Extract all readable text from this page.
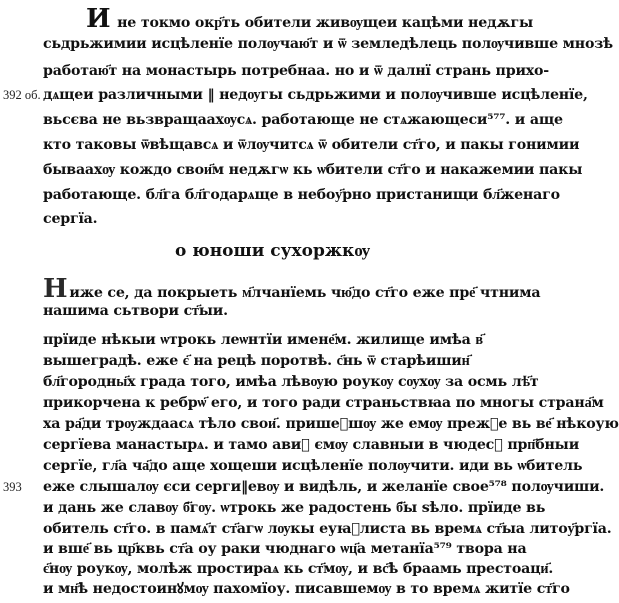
И не токмо окр҃ть обители живѹщеи кацѣми недѫгы
сьдрьжимии исцѣленїе полѹчаю҃т и ѿ землед​ѣлець полѹчивше мнозѣ
работаю҃т на монастырь потребнаа. но и ѿ далнї странь прихо-
392 об. дѧщеи различными ‖ недѹгы сьдрьжими и полѹчивше исцѣленїе,
вьсєва не вьзвращаахѹсѧ. работающе не стѧжающеси⁵⁷⁷. и аще
кто таковы ѿвѣщавсѧ и ѿлѹчитсѧ ѿ обители ст҃го, и пакы гонимии
бываахѹ кождо свои҃м недѫгѡ кь ѡбители ст҃го и накажемии пакы
работающе. бл҃га бл҃годарѧще в небоу҃рно пристанищи бл҃женаго
сергїа.
о юноши сухоржкѹ
Ниже се, да покрыеть м҃лчанїемь чю҃до ст҃го еже пре҃ чтнима
нашима сьтвори ст҃ыи.
прїиде нѣкыи ѡтрокь леѡнтїи имене҃м. жилище имѣа в҃
вышеградѣ. еже є҃ на рецѣ поротвѣ. с҃нь ѿ старѣишин҃
бл҃городны҃х града того, имѣа лѣвѹю роукѹ сѹхѹ за осмь лѣ҃т
прикорчена к ребрѡ҃ его, и того ради страньствꙗа по многы страна҃м
ха ра҃ди трѹждаасѧ тѣло свои҃. пришеⷣшѹ же емѹ прежⷣе вь ве҃ нѣкоую
сергїева манастырѧ. и тамо авиⷣ ємѹ славныи в чюдесⷯ прп҃бныи
сергїе, гл҃а ча҃до аще хощеши исцѣленїе полѹчити. иди вь ѡбитель
393 еже слышалѹ єси серги‖евѹ и видѣль, и желанїе свое⁵⁷⁸ полѹчиши.
и дань же славѹ б҃гѹ. ѡтрокь же радостень б҃ы ѕѣло. прїиде вь
обитель ст҃го. в памѧ҃т ст҃агѡ лѹкы еуꙗ҃листа вь времѧ ст҃ыа литоу҃ргїа.
и вше҃ вь цр҃квь ст҃а оу раки чюднаго ѡц҃а метанїа⁵⁷⁹ твора на
є҃нѹ роукѹ, молѣж простираѧ кь ст҃мѹ, и вс҃ѣ браамь престоаци҃.
и мн҃ѣ недостоинꙋмѹ пахомїоу. писавшемѹ в то времѧ житїе ст҃го
